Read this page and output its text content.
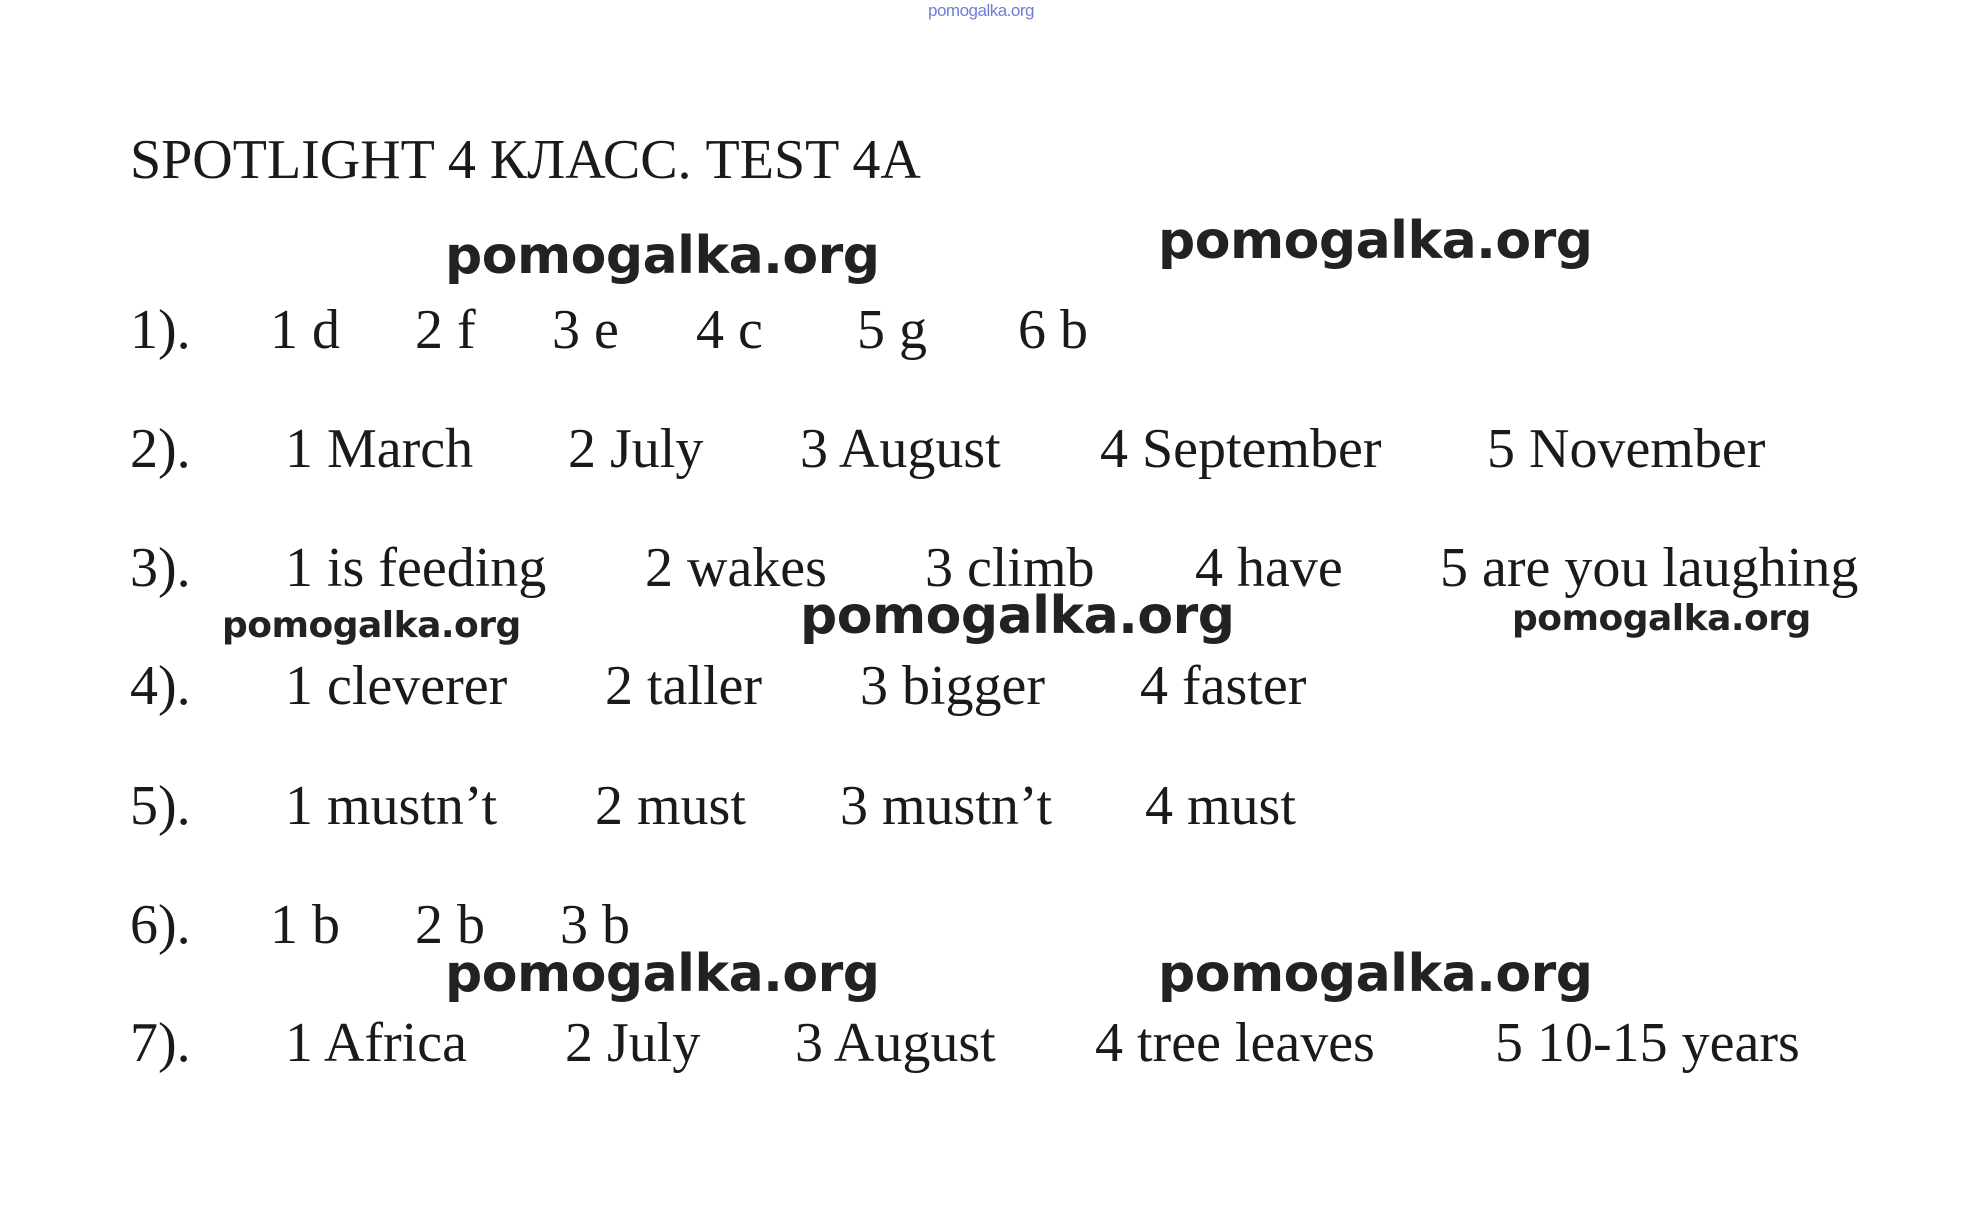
pomogalka.org
SPOTLIGHT 4 КЛАСС. TEST 4A
pomogalka.org	pomogalka.org
pomogalka.org	pomogalka.org	pomogalka.org
pomogalka.org	pomogalka.org
1). 1 d 2 f 3 e 4 c 5 g 6 b
2). 1 March 2 July 3 August 4 September 5 November
3). 1 is feeding 2 wakes 3 climb 4 have 5 are you laughing
4). 1 cleverer 2 taller 3 bigger 4 faster
5). 1 mustn’t 2 must 3 mustn’t 4 must
6). 1 b 2 b 3 b
7). 1 Africa 2 July 3 August 4 tree leaves 5 10-15 years
